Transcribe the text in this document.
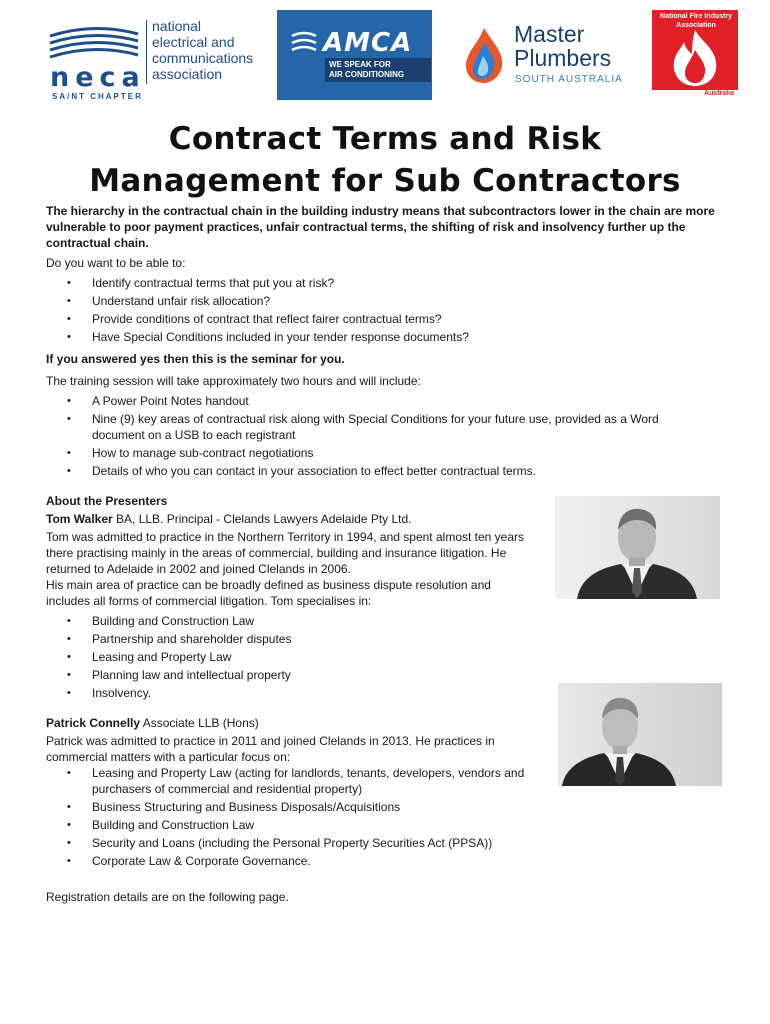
neca
SA/NT CHAPTER
national
electrical and
communications
association
AMCA
WE SPEAK FOR
AIR CONDITIONING
Master
Plumbers
SOUTH AUSTRALIA
National Fire Industry Association
Australia
Contract Terms and Risk
Management for Sub Contractors

The hierarchy in the contractual chain in the building industry means that subcontractors lower in the chain are more vulnerable to poor payment practices, unfair contractual terms, the shifting of risk and insolvency further up the contractual chain.

Do you want to be able to:

• Identify contractual terms that put you at risk?
• Understand unfair risk allocation?
• Provide conditions of contract that reflect fairer contractual terms?
• Have Special Conditions included in your tender response documents?

If you answered yes then this is the seminar for you.

The training session will take approximately two hours and will include:

• A Power Point Notes handout
• Nine (9) key areas of contractual risk along with Special Conditions for your future use, provided as a Word document on a USB to each registrant
• How to manage sub-contract negotiations
• Details of who you can contact in your association to effect better contractual terms.

About the Presenters

Tom Walker BA, LLB. Principal - Clelands Lawyers Adelaide Pty Ltd.

Tom was admitted to practice in the Northern Territory in 1994, and spent almost ten years there practising mainly in the areas of commercial, building and insurance litigation. He returned to Adelaide in 2002 and joined Clelands in 2006.

His main area of practice can be broadly defined as business dispute resolution and includes all forms of commercial litigation. Tom specialises in:

• Building and Construction Law
• Partnership and shareholder disputes
• Leasing and Property Law
• Planning law and intellectual property
• Insolvency.

Patrick Connelly Associate LLB (Hons)

Patrick was admitted to practice in 2011 and joined Clelands in 2013. He practices in commercial matters with a particular focus on:

• Leasing and Property Law (acting for landlords, tenants, developers, vendors and purchasers of commercial and residential property)
• Business Structuring and Business Disposals/Acquisitions
• Building and Construction Law
• Security and Loans (including the Personal Property Securities Act (PPSA))
• Corporate Law & Corporate Governance.

Registration details are on the following page.
